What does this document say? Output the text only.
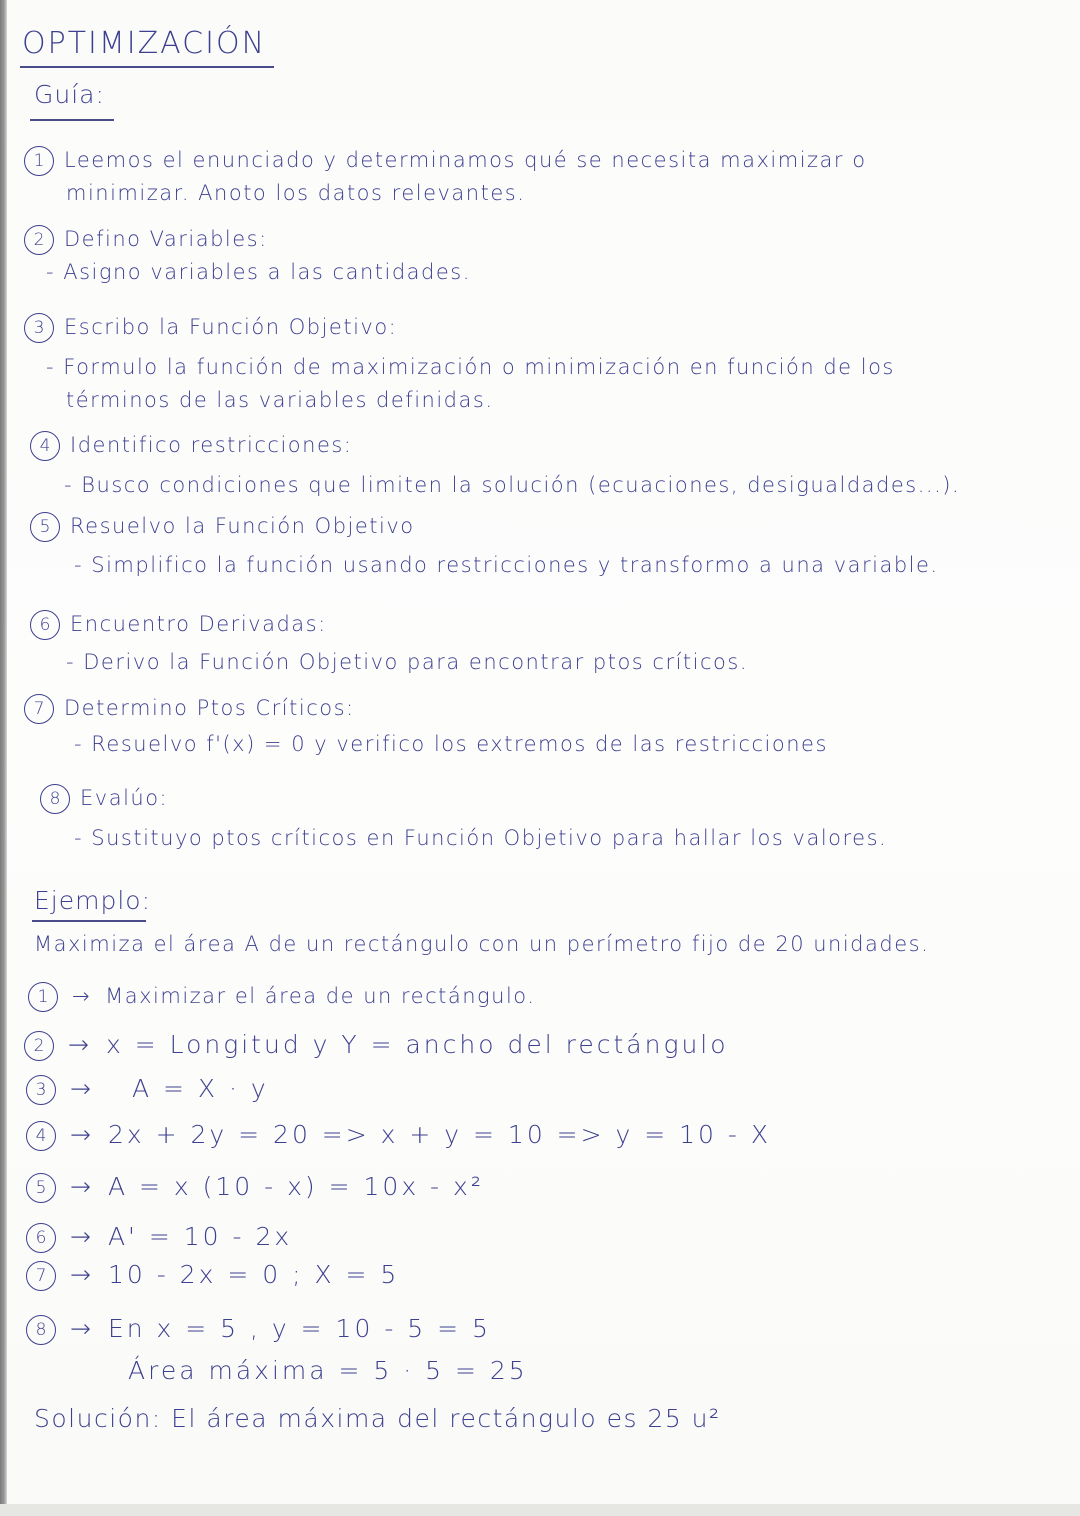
OPTIMIZACIÓN
Guía:
1 Leemos el enunciado y determinamos qué se necesita maximizar o
minimizar. Anoto los datos relevantes.
2 Defino Variables:
- Asigno variables a las cantidades.
3 Escribo la Función Objetivo:
- Formulo la función de maximización o minimización en función de los
términos de las variables definidas.
4 Identifico restricciones:
- Busco condiciones que limiten la solución (ecuaciones, desigualdades...).
5 Resuelvo la Función Objetivo
- Simplifico la función usando restricciones y transformo a una variable.
6 Encuentro Derivadas:
- Derivo la Función Objetivo para encontrar ptos críticos.
7 Determino Ptos Críticos:
- Resuelvo f'(x) = 0 y verifico los extremos de las restricciones
8 Evalúo:
- Sustituyo ptos críticos en Función Objetivo para hallar los valores.
Ejemplo:
Maximiza el área A de un rectángulo con un perímetro fijo de 20 unidades.
1 → Maximizar el área de un rectángulo.
2 → x = Longitud y Y = ancho del rectángulo
3 → A = X · y
4 → 2x + 2y = 20 => x + y = 10 => y = 10 - X
5 → A = x (10 - x) = 10x - x²
6 → A' = 10 - 2x
7 → 10 - 2x = 0 ; X = 5
8 → En x = 5 , y = 10 - 5 = 5
Área máxima = 5 · 5 = 25
Solución: El área máxima del rectángulo es 25 u²
